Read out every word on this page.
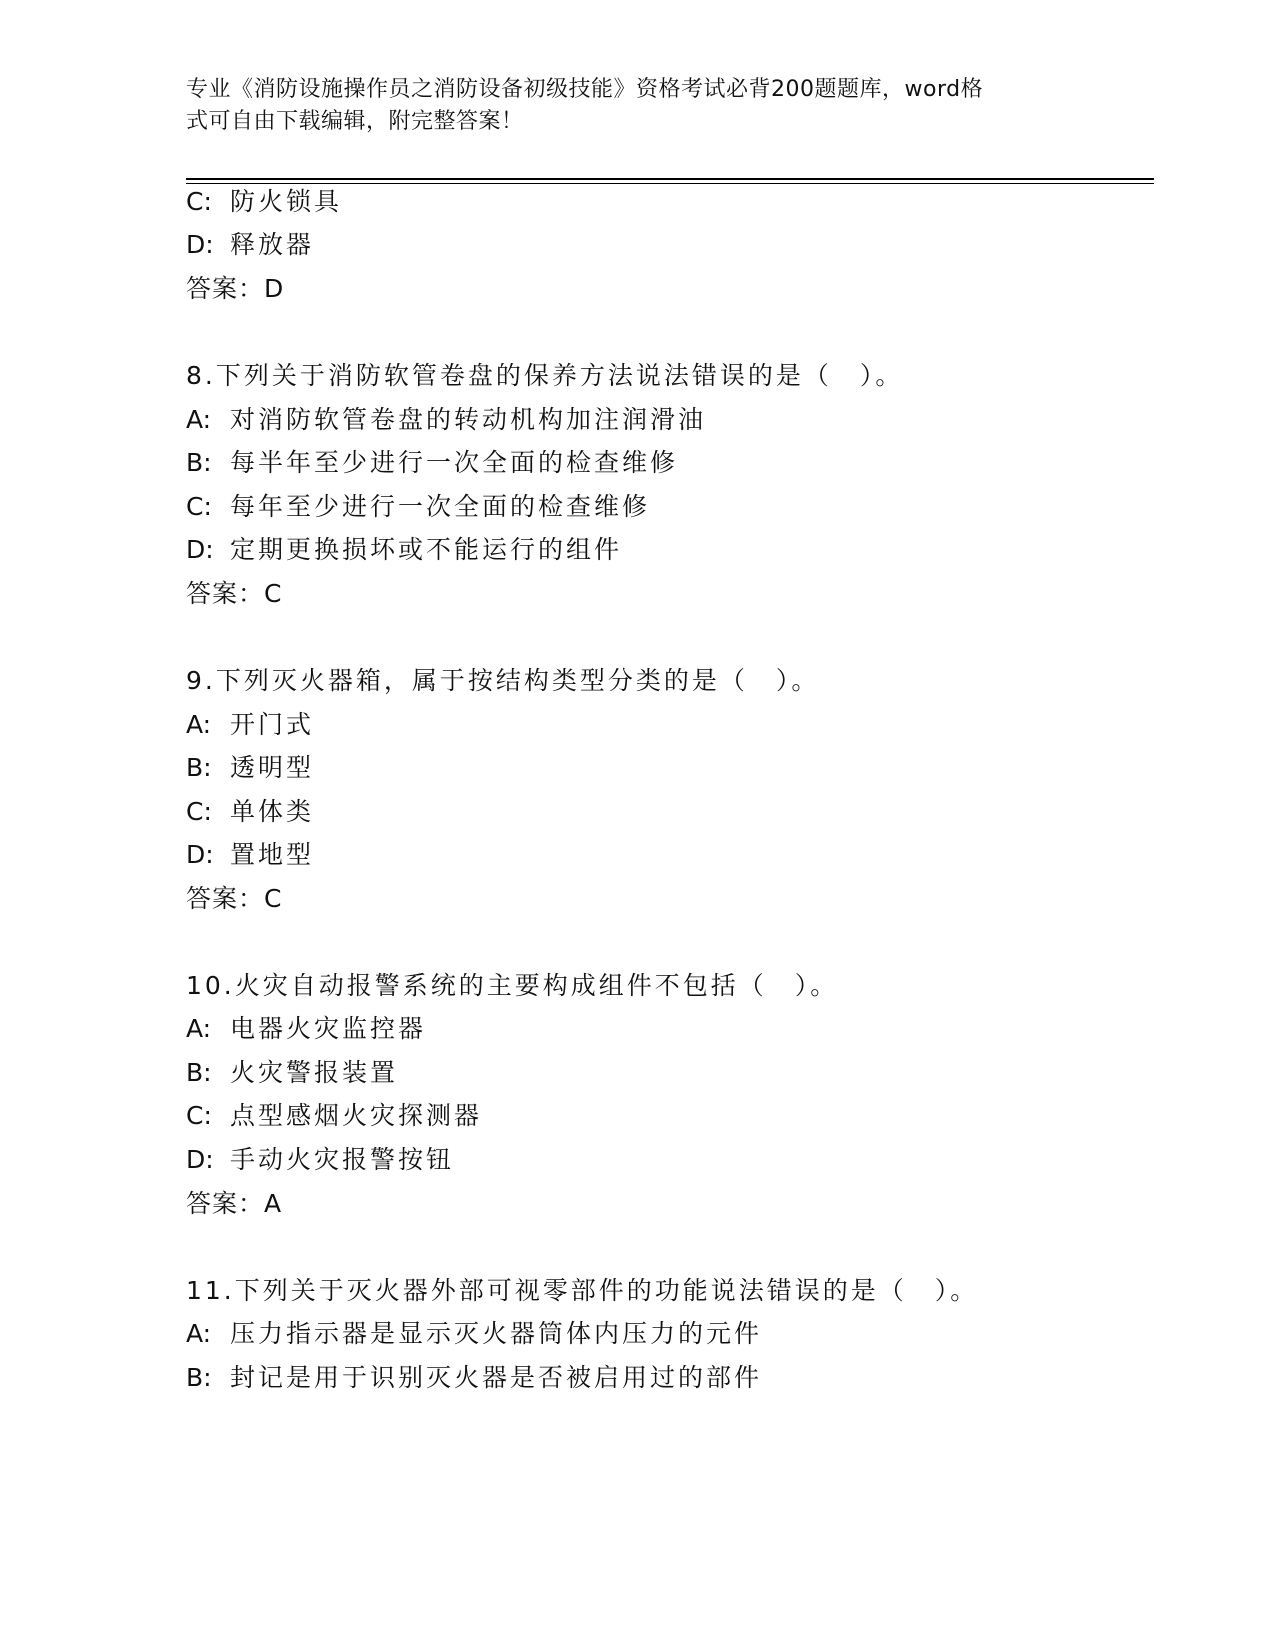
专业《消防设施操作员之消防设备初级技能》资格考试必背200题题库，word格
式可自由下载编辑，附完整答案！
C: 防火锁具
D: 释放器
答案：D
8.下列关于消防软管卷盘的保养方法说法错误的是（　）。
A: 对消防软管卷盘的转动机构加注润滑油
B: 每半年至少进行一次全面的检查维修
C: 每年至少进行一次全面的检查维修
D: 定期更换损坏或不能运行的组件
答案：C
9.下列灭火器箱，属于按结构类型分类的是（　）。
A: 开门式
B: 透明型
C: 单体类
D: 置地型
答案：C
10.火灾自动报警系统的主要构成组件不包括（　）。
A: 电器火灾监控器
B: 火灾警报装置
C: 点型感烟火灾探测器
D: 手动火灾报警按钮
答案：A
11.下列关于灭火器外部可视零部件的功能说法错误的是（　）。
A: 压力指示器是显示灭火器筒体内压力的元件
B: 封记是用于识别灭火器是否被启用过的部件
